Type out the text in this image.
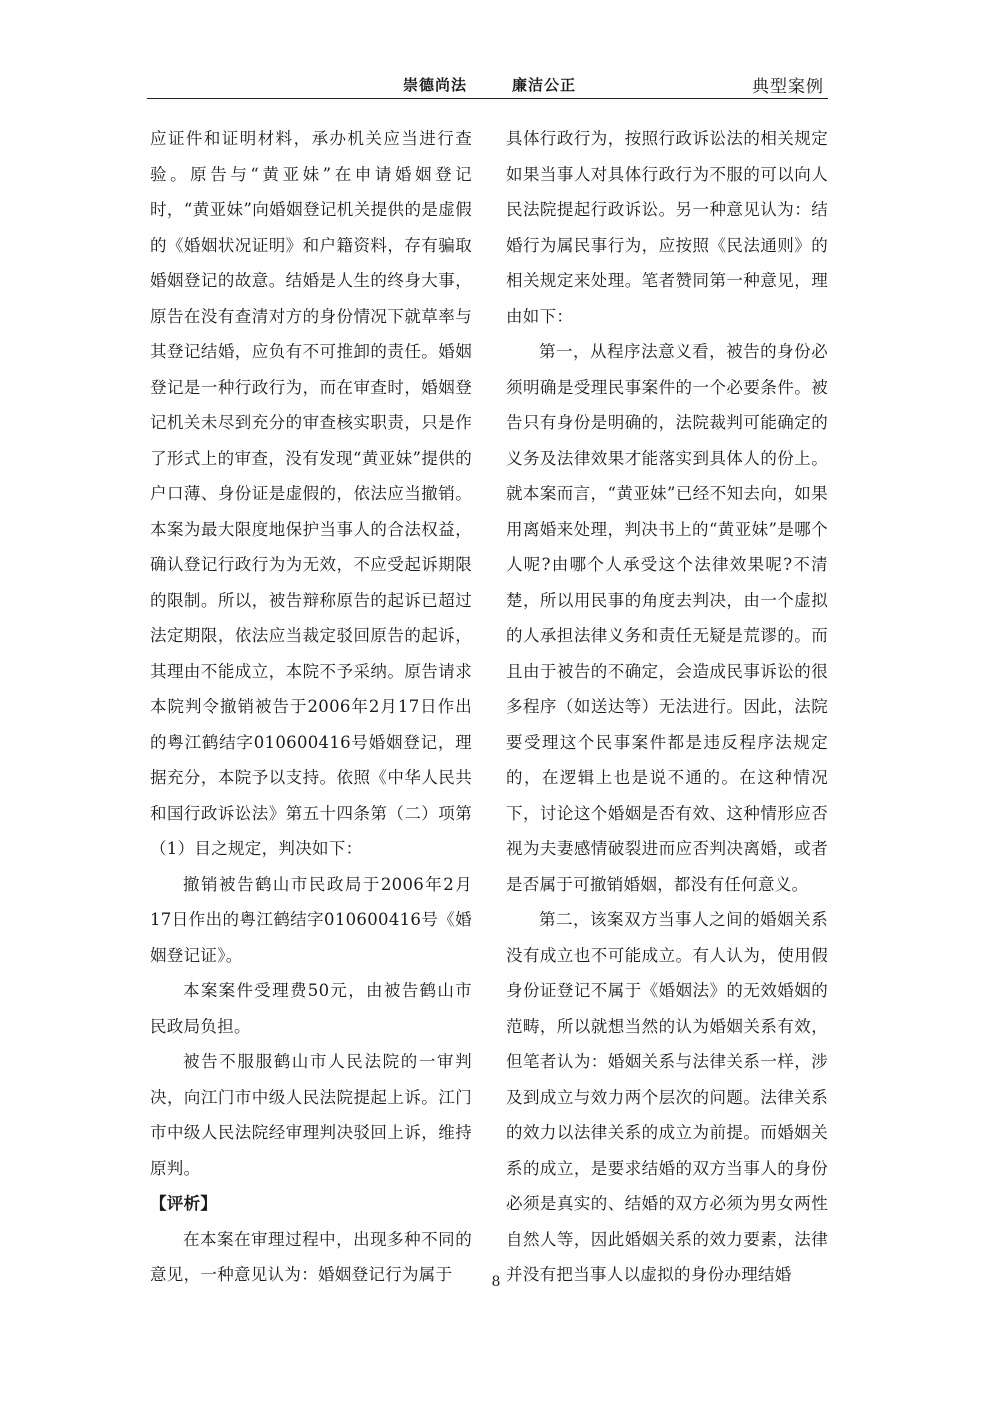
崇德尚法	廉洁公正	典型案例

应证件和证明材料，承办机关应当进行查验。原告与“黄亚妹”在申请婚姻登记时，“黄亚妹”向婚姻登记机关提供的是虚假的《婚姻状况证明》和户籍资料，存有骗取婚姻登记的故意。结婚是人生的终身大事，原告在没有查清对方的身份情况下就草率与其登记结婚，应负有不可推卸的责任。婚姻登记是一种行政行为，而在审查时，婚姻登记机关未尽到充分的审查核实职责，只是作了形式上的审查，没有发现“黄亚妹”提供的户口薄、身份证是虚假的，依法应当撤销。本案为最大限度地保护当事人的合法权益，确认登记行政行为为无效，不应受起诉期限的限制。所以，被告辩称原告的起诉已超过法定期限，依法应当裁定驳回原告的起诉，其理由不能成立，本院不予采纳。原告请求本院判令撤销被告于2006年2月17日作出的粤江鹤结字010600416号婚姻登记，理据充分，本院予以支持。依照《中华人民共和国行政诉讼法》第五十四条第（二）项第（1）目之规定，判决如下：

撤销被告鹤山市民政局于2006年2月17日作出的粤江鹤结字010600416号《婚姻登记证》。

本案案件受理费50元，由被告鹤山市民政局负担。

被告不服服鹤山市人民法院的一审判决，向江门市中级人民法院提起上诉。江门市中级人民法院经审理判决驳回上诉，维持原判。

【评析】

在本案在审理过程中，出现多种不同的意见，一种意见认为：婚姻登记行为属于

具体行政行为，按照行政诉讼法的相关规定如果当事人对具体行政行为不服的可以向人民法院提起行政诉讼。另一种意见认为：结婚行为属民事行为，应按照《民法通则》的相关规定来处理。笔者赞同第一种意见，理由如下：

第一，从程序法意义看，被告的身份必须明确是受理民事案件的一个必要条件。被告只有身份是明确的，法院裁判可能确定的义务及法律效果才能落实到具体人的份上。就本案而言，“黄亚妹”已经不知去向，如果用离婚来处理，判决书上的“黄亚妹”是哪个人呢?由哪个人承受这个法律效果呢?不清楚，所以用民事的角度去判决，由一个虚拟的人承担法律义务和责任无疑是荒谬的。而且由于被告的不确定，会造成民事诉讼的很多程序（如送达等）无法进行。因此，法院要受理这个民事案件都是违反程序法规定的，在逻辑上也是说不通的。在这种情况下，讨论这个婚姻是否有效、这种情形应否视为夫妻感情破裂进而应否判决离婚，或者是否属于可撤销婚姻，都没有任何意义。

第二，该案双方当事人之间的婚姻关系没有成立也不可能成立。有人认为，使用假身份证登记不属于《婚姻法》的无效婚姻的范畴，所以就想当然的认为婚姻关系有效，但笔者认为：婚姻关系与法律关系一样，涉及到成立与效力两个层次的问题。法律关系的效力以法律关系的成立为前提。而婚姻关系的成立，是要求结婚的双方当事人的身份必须是真实的、结婚的双方必须为男女两性自然人等，因此婚姻关系的效力要素，法律并没有把当事人以虚拟的身份办理结婚

8
